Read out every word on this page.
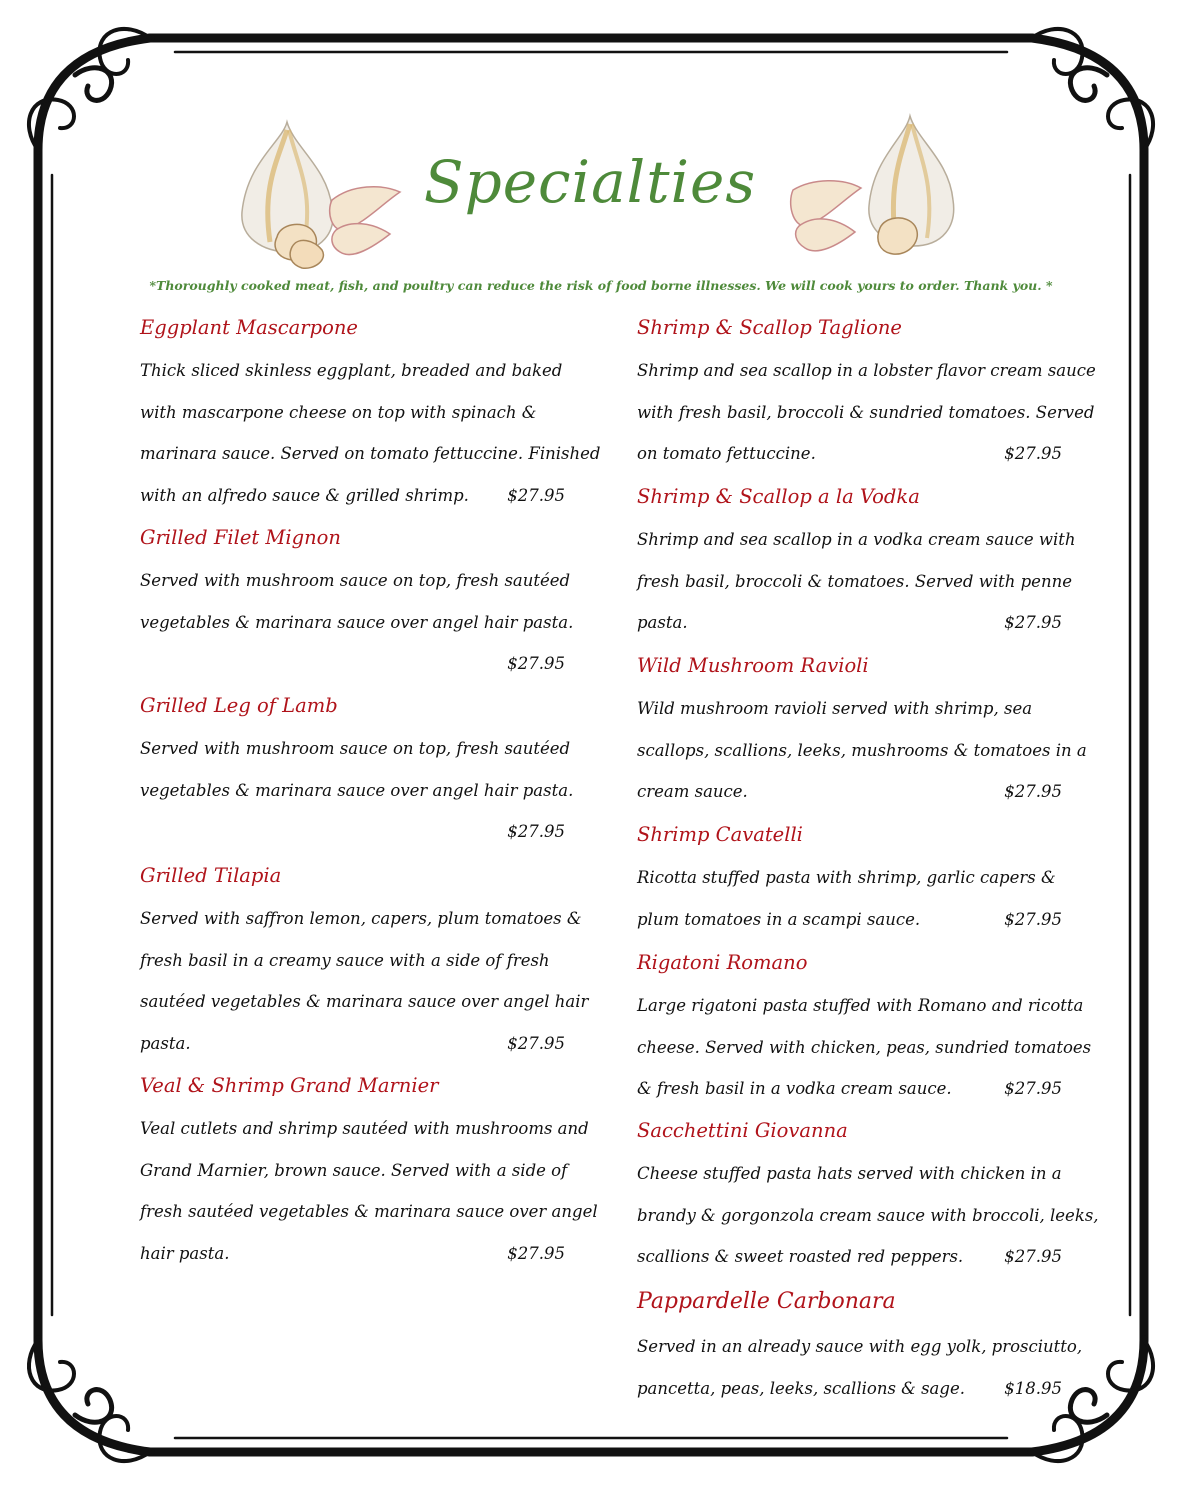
Specialties
*Thoroughly cooked meat, fish, and poultry can reduce the risk of food borne illnesses. We will cook yours to order. Thank you. *
Eggplant Mascarpone
Thick sliced skinless eggplant, breaded and baked
with mascarpone cheese on top with spinach &
marinara sauce. Served on tomato fettuccine. Finished
with an alfredo sauce & grilled shrimp.	$27.95
Grilled Filet Mignon
Served with mushroom sauce on top, fresh sautéed
vegetables & marinara sauce over angel hair pasta.
$27.95
Grilled Leg of Lamb
Served with mushroom sauce on top, fresh sautéed
vegetables & marinara sauce over angel hair pasta.
$27.95
Grilled Tilapia
Served with saffron lemon, capers, plum tomatoes &
fresh basil in a creamy sauce with a side of fresh
sautéed vegetables & marinara sauce over angel hair
pasta.	$27.95
Veal & Shrimp Grand Marnier
Veal cutlets and shrimp sautéed with mushrooms and
Grand Marnier, brown sauce. Served with a side of
fresh sautéed vegetables & marinara sauce over angel
hair pasta.	$27.95
Shrimp & Scallop Taglione
Shrimp and sea scallop in a lobster flavor cream sauce
with fresh basil, broccoli & sundried tomatoes. Served
on tomato fettuccine.	$27.95
Shrimp & Scallop a la Vodka
Shrimp and sea scallop in a vodka cream sauce with
fresh basil, broccoli & tomatoes. Served with penne
pasta.	$27.95
Wild Mushroom Ravioli
Wild mushroom ravioli served with shrimp, sea
scallops, scallions, leeks, mushrooms & tomatoes in a
cream sauce.	$27.95
Shrimp Cavatelli
Ricotta stuffed pasta with shrimp, garlic capers &
plum tomatoes in a scampi sauce.	$27.95
Rigatoni Romano
Large rigatoni pasta stuffed with Romano and ricotta
cheese. Served with chicken, peas, sundried tomatoes
& fresh basil in a vodka cream sauce.	$27.95
Sacchettini Giovanna
Cheese stuffed pasta hats served with chicken in a
brandy & gorgonzola cream sauce with broccoli, leeks,
scallions & sweet roasted red peppers.	$27.95
Pappardelle Carbonara
Served in an already sauce with egg yolk, prosciutto,
pancetta, peas, leeks, scallions & sage.	$18.95
